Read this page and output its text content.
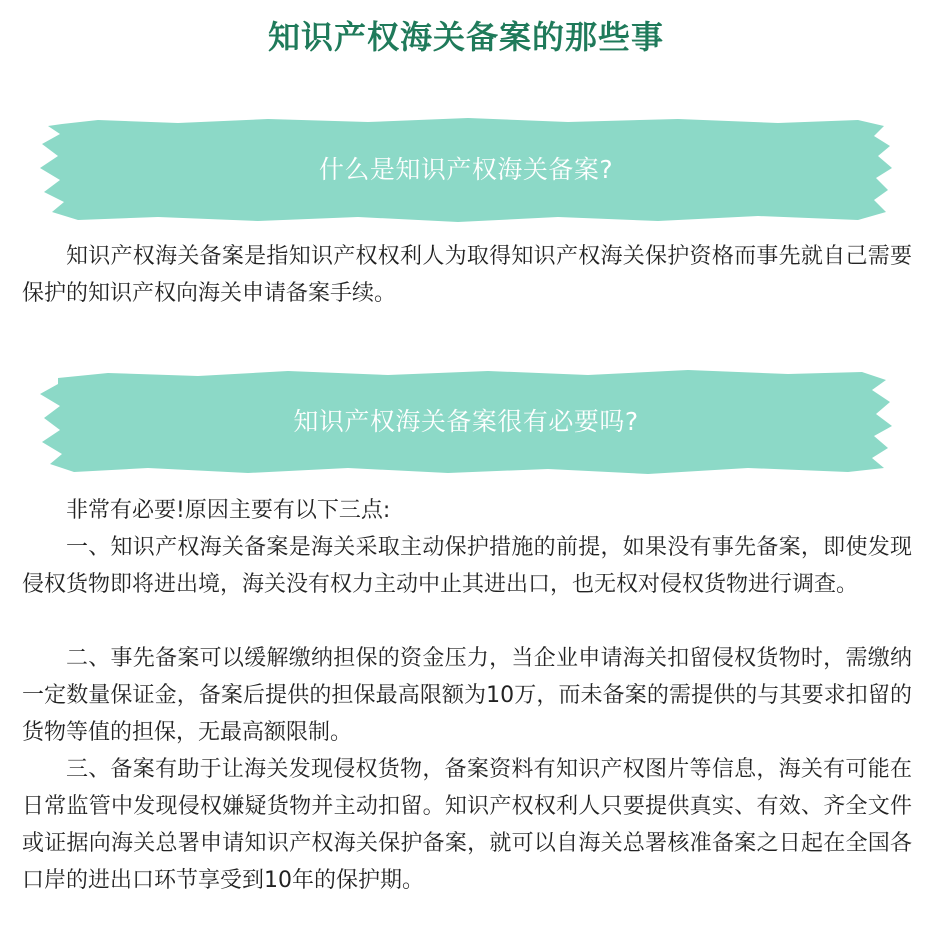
知识产权海关备案的那些事
什么是知识产权海关备案?

知识产权海关备案是指知识产权权利人为取得知识产权海关保护资格而事先就自己需要保护的知识产权向海关申请备案手续。

知识产权海关备案很有必要吗?

非常有必要!原因主要有以下三点:

一、知识产权海关备案是海关采取主动保护措施的前提，如果没有事先备案，即使发现侵权货物即将进出境，海关没有权力主动中止其进出口，也无权对侵权货物进行调查。

二、事先备案可以缓解缴纳担保的资金压力，当企业申请海关扣留侵权货物时，需缴纳一定数量保证金，备案后提供的担保最高限额为10万，而未备案的需提供的与其要求扣留的货物等值的担保，无最高额限制。

三、备案有助于让海关发现侵权货物，备案资料有知识产权图片等信息，海关有可能在日常监管中发现侵权嫌疑货物并主动扣留。知识产权权利人只要提供真实、有效、齐全文件或证据向海关总署申请知识产权海关保护备案，就可以自海关总署核准备案之日起在全国各口岸的进出口环节享受到10年的保护期。
